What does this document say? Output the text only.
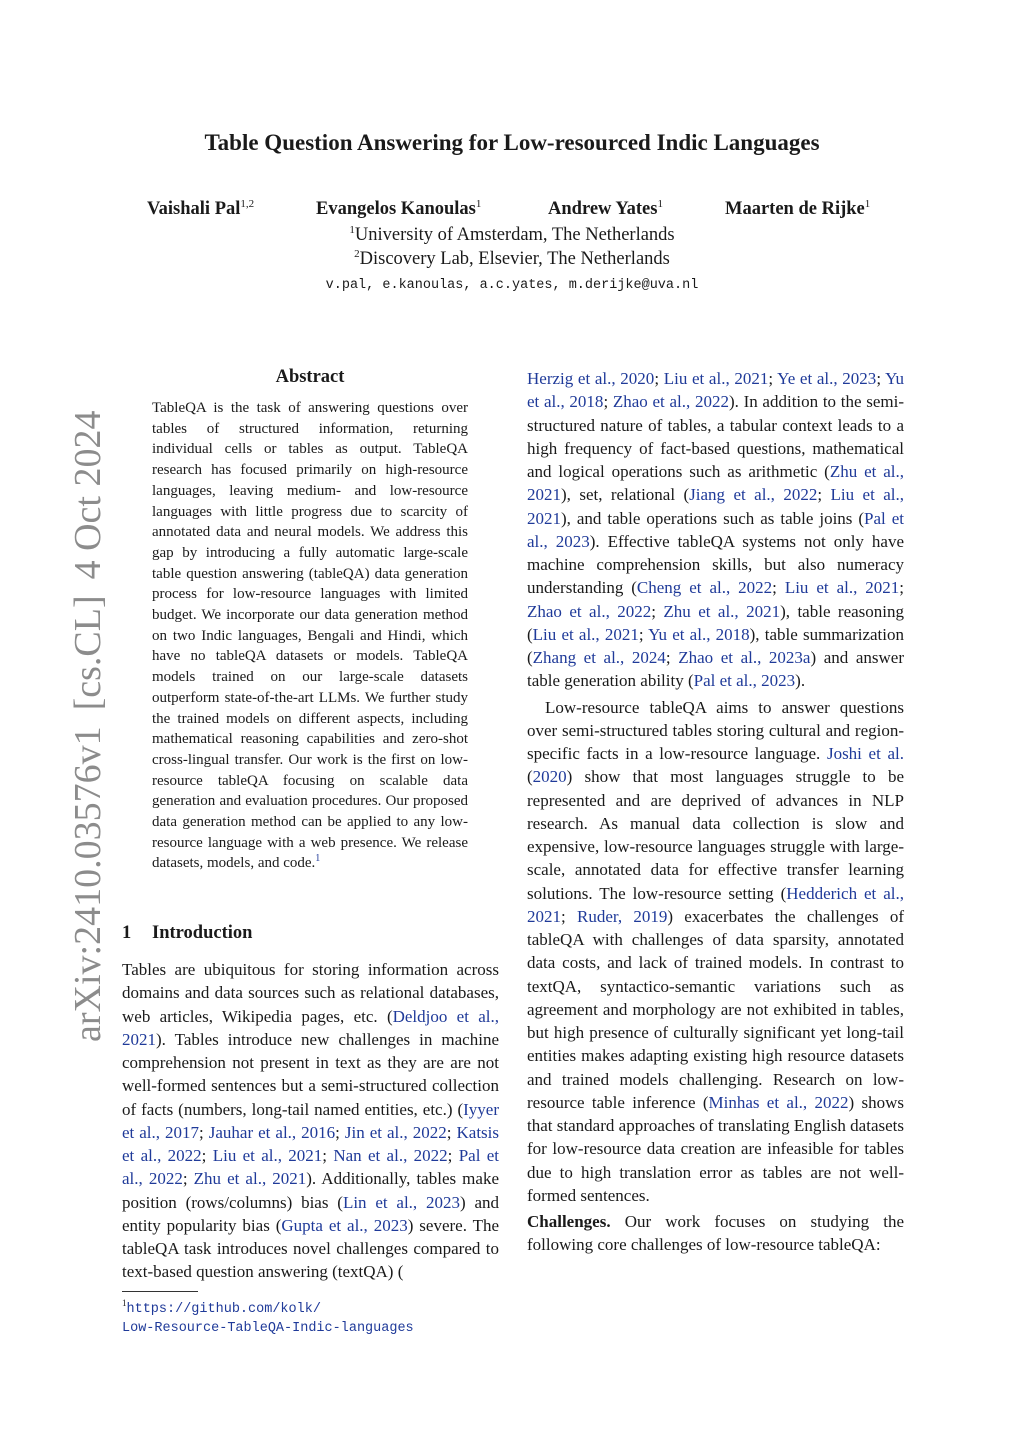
Table Question Answering for Low-resourced Indic Languages
Vaishali Pal$^{1,2}$	Evangelos Kanoulas$^1$	Andrew Yates$^1$	Maarten de Rijke$^1$
$^1$University of Amsterdam, The Netherlands
$^2$Discovery Lab, Elsevier, The Netherlands
v.pal, e.kanoulas, a.c.yates, m.derijke@uva.nl
arXiv:2410.03576v1[cs.CL]4 Oct 2024
Abstract
TableQA is the task of answering questions over tables of structured information, returning individual cells or tables as output. TableQA research has focused primarily on high-resource languages, leaving medium- and low-resource languages with little progress due to scarcity of annotated data and neural models. We address this gap by introducing a fully automatic large-scale table question answering (tableQA) data generation process for low-resource languages with limited budget. We incorporate our data generation method on two Indic languages, Bengali and Hindi, which have no tableQA datasets or models. TableQA models trained on our large-scale datasets outperform state-of-the-art LLMs. We further study the trained models on different aspects, including mathematical reasoning capabilities and zero-shot cross-lingual transfer. Our work is the first on low-resource tableQA focusing on scalable data generation and evaluation procedures. Our proposed data generation method can be applied to any low-resource language with a web presence. We release datasets, models, and code.$^1$
1 Introduction

Tables are ubiquitous for storing information across domains and data sources such as relational databases, web articles, Wikipedia pages, etc. (Deldjoo et al., 2021). Tables introduce new challenges in machine comprehension not present in text as they are are not well-formed sentences but a semi-structured collection of facts (numbers, long-tail named entities, etc.) (Iyyer et al., 2017; Jauhar et al., 2016; Jin et al., 2022; Katsis et al., 2022; Liu et al., 2021; Nan et al., 2022; Pal et al., 2022; Zhu et al., 2021). Additionally, tables make position (rows/columns) bias (Lin et al., 2023) and entity popularity bias (Gupta et al., 2023) severe. The tableQA task introduces novel challenges compared to text-based question answering (textQA) (

Herzig et al., 2020; Liu et al., 2021; Ye et al., 2023; Yu et al., 2018; Zhao et al., 2022). In addition to the semi-structured nature of tables, a tabular context leads to a high frequency of fact-based questions, mathematical and logical operations such as arithmetic (Zhu et al., 2021), set, relational (Jiang et al., 2022; Liu et al., 2021), and table operations such as table joins (Pal et al., 2023). Effective tableQA systems not only have machine comprehension skills, but also numeracy understanding (Cheng et al., 2022; Liu et al., 2021; Zhao et al., 2022; Zhu et al., 2021), table reasoning (Liu et al., 2021; Yu et al., 2018), table summarization (Zhang et al., 2024; Zhao et al., 2023a) and answer table generation ability (Pal et al., 2023).

Low-resource tableQA aims to answer questions over semi-structured tables storing cultural and region-specific facts in a low-resource language. Joshi et al. (2020) show that most languages struggle to be represented and are deprived of advances in NLP research. As manual data collection is slow and expensive, low-resource languages struggle with large-scale, annotated data for effective transfer learning solutions. The low-resource setting (Hedderich et al., 2021; Ruder, 2019) exacerbates the challenges of tableQA with challenges of data sparsity, annotated data costs, and lack of trained models. In contrast to textQA, syntactico-semantic variations such as agreement and morphology are not exhibited in tables, but high presence of culturally significant yet long-tail entities makes adapting existing high resource datasets and trained models challenging. Research on low-resource table inference (Minhas et al., 2022) shows that standard approaches of translating English datasets for low-resource data creation are infeasible for tables due to high translation error as tables are not well-formed sentences.

Challenges. Our work focuses on studying the following core challenges of low-resource tableQA:

$^1$https://github.com/kolk/
Low-Resource-TableQA-Indic-languages
